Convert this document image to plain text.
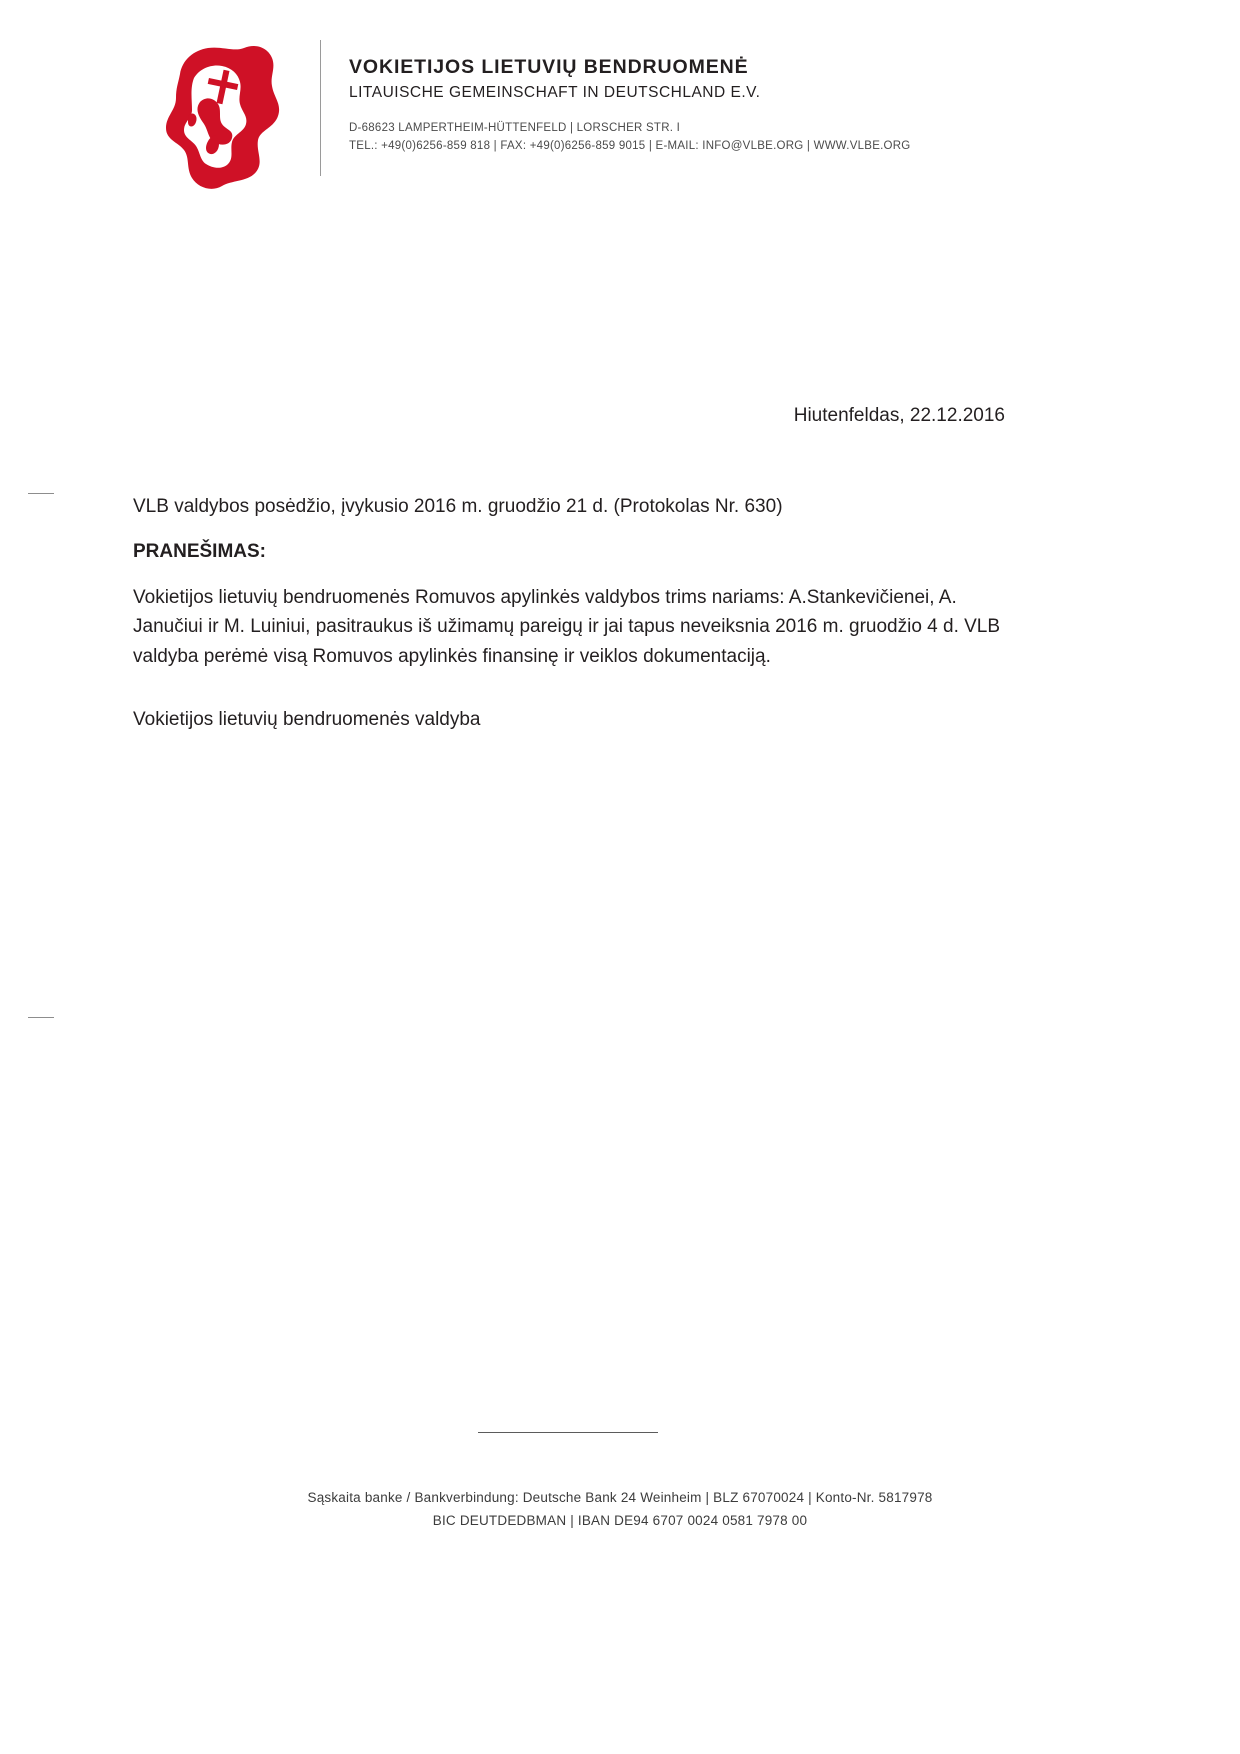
VOKIETIJOS LIETUVIŲ BENDRUOMENĖ
LITAUISCHE GEMEINSCHAFT IN DEUTSCHLAND E.V.
D-68623 LAMPERTHEIM-HÜTTENFELD | LORSCHER STR. I
TEL.: +49(0)6256-859 818 | FAX: +49(0)6256-859 9015 | E-MAIL: INFO@VLBE.ORG | WWW.VLBE.ORG
Hiutenfeldas, 22.12.2016

VLB valdybos posėdžio, įvykusio 2016 m. gruodžio 21 d. (Protokolas Nr. 630)

PRANEŠIMAS:

Vokietijos lietuvių bendruomenės Romuvos apylinkės valdybos trims nariams: A.Stankevičienei, A. Janučiui ir M. Luiniui, pasitraukus iš užimamų pareigų ir jai tapus neveiksnia 2016 m. gruodžio 4 d. VLB valdyba perėmė visą Romuvos apylinkės finansinę ir veiklos dokumentaciją.

Vokietijos lietuvių bendruomenės valdyba

Sąskaita banke / Bankverbindung: Deutsche Bank 24 Weinheim | BLZ 67070024 | Konto-Nr. 5817978
BIC DEUTDEDBMAN | IBAN DE94 6707 0024 0581 7978 00
